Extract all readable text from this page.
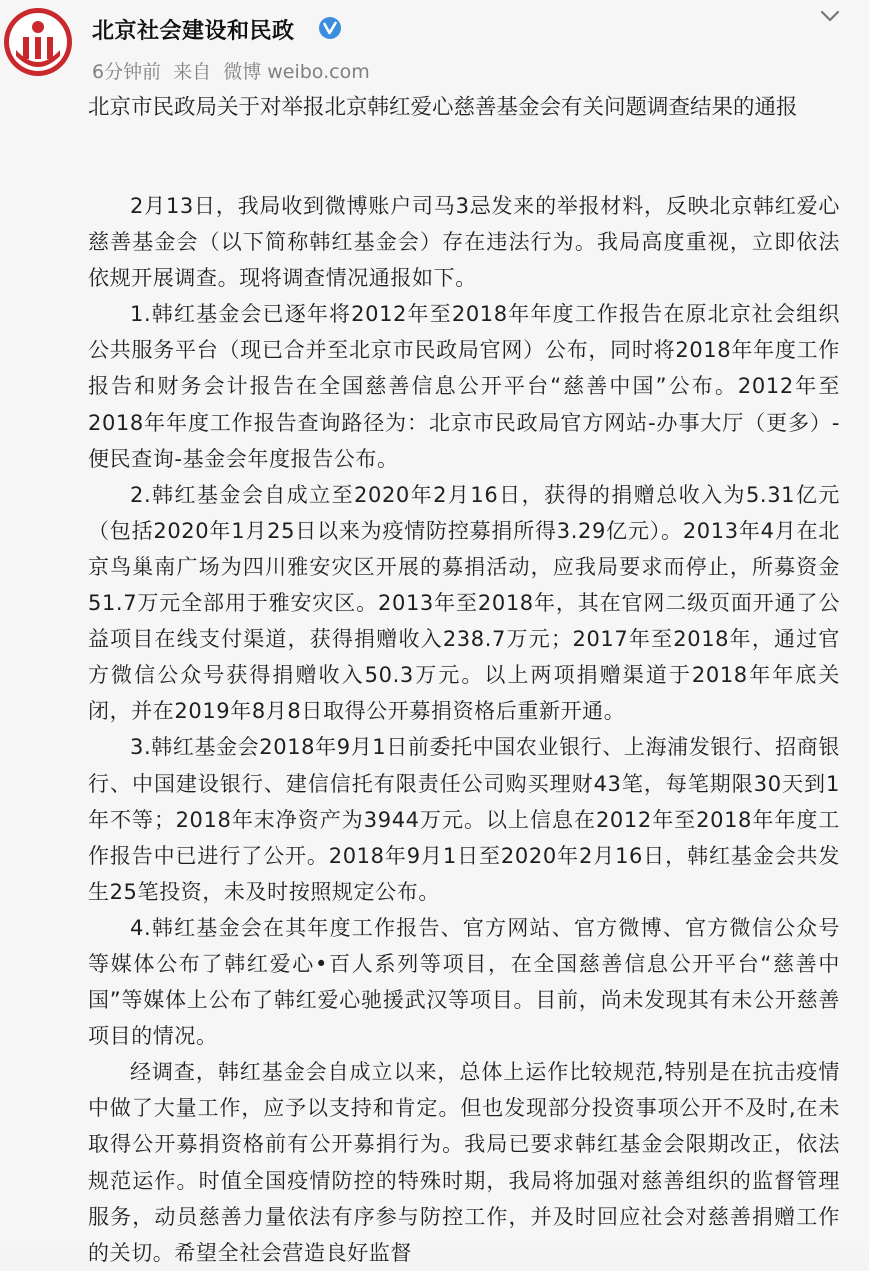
北京社会建设和民政
6分钟前 来自 微博 weibo.com
北京市民政局关于对举报北京韩红爱心慈善基金会有关问题调查结果的通报

2月13日，我局收到微博账户司马3忌发来的举报材料，反映北京韩红爱心慈善基金会（以下简称韩红基金会）存在违法行为。我局高度重视，立即依法依规开展调查。现将调查情况通报如下。

1.韩红基金会已逐年将2012年至2018年年度工作报告在原北京社会组织公共服务平台（现已合并至北京市民政局官网）公布，同时将2018年年度工作报告和财务会计报告在全国慈善信息公开平台“慈善中国”公布。2012年至2018年年度工作报告查询路径为：北京市民政局官方网站-办事大厅（更多）-便民查询-基金会年度报告公布。

2.韩红基金会自成立至2020年2月16日，获得的捐赠总收入为5.31亿元（包括2020年1月25日以来为疫情防控募捐所得3.29亿元）。2013年4月在北京鸟巢南广场为四川雅安灾区开展的募捐活动，应我局要求而停止，所募资金51.7万元全部用于雅安灾区。2013年至2018年，其在官网二级页面开通了公益项目在线支付渠道，获得捐赠收入238.7万元；2017年至2018年，通过官方微信公众号获得捐赠收入50.3万元。以上两项捐赠渠道于2018年年底关闭，并在2019年8月8日取得公开募捐资格后重新开通。

3.韩红基金会2018年9月1日前委托中国农业银行、上海浦发银行、招商银行、中国建设银行、建信信托有限责任公司购买理财43笔，每笔期限30天到1年不等；2018年末净资产为3944万元。以上信息在2012年至2018年年度工作报告中已进行了公开。2018年9月1日至2020年2月16日，韩红基金会共发生25笔投资，未及时按照规定公布。

4.韩红基金会在其年度工作报告、官方网站、官方微博、官方微信公众号等媒体公布了韩红爱心•百人系列等项目，在全国慈善信息公开平台“慈善中国”等媒体上公布了韩红爱心驰援武汉等项目。目前，尚未发现其有未公开慈善项目的情况。

经调查，韩红基金会自成立以来，总体上运作比较规范,特别是在抗击疫情中做了大量工作，应予以支持和肯定。但也发现部分投资事项公开不及时,在未取得公开募捐资格前有公开募捐行为。我局已要求韩红基金会限期改正，依法规范运作。时值全国疫情防控的特殊时期，我局将加强对慈善组织的监督管理服务，动员慈善力量依法有序参与防控工作，并及时回应社会对慈善捐赠工作的关切。希望全社会营造良好监督
